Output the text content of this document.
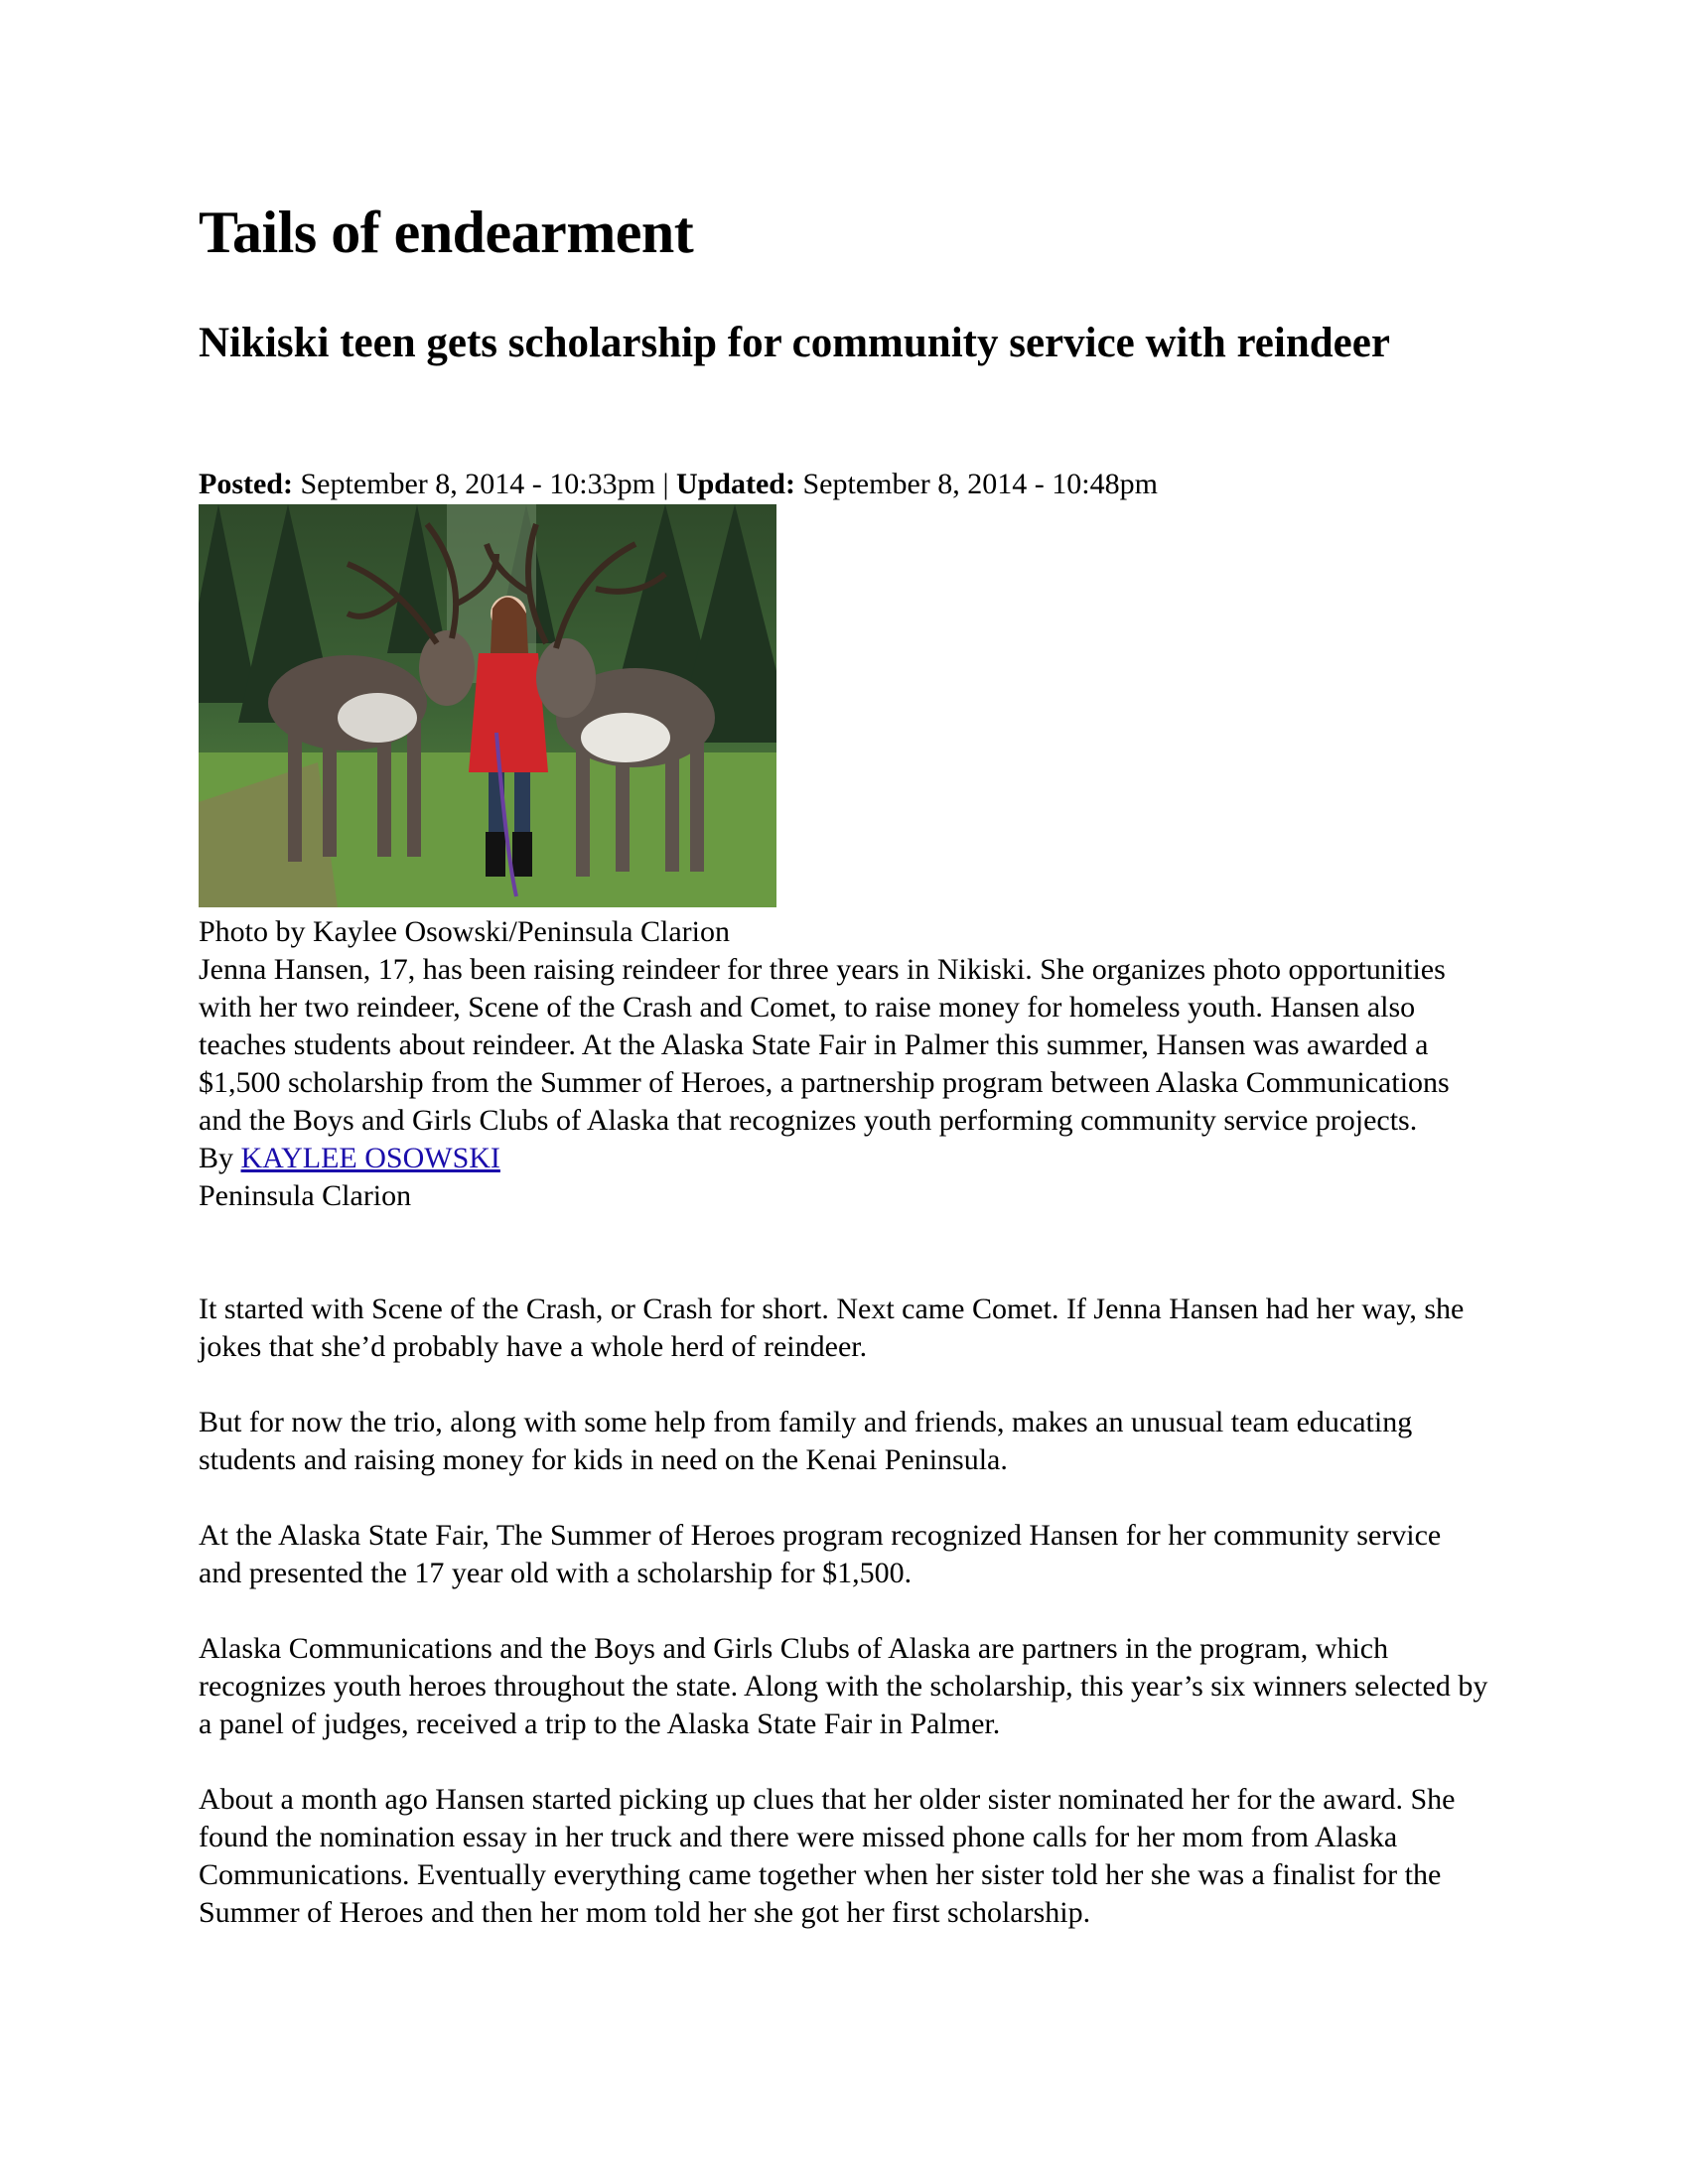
Tails of endearment
Nikiski teen gets scholarship for community service with reindeer
Posted: September 8, 2014 - 10:33pm | Updated: September 8, 2014 - 10:48pm

Photo by Kaylee Osowski/Peninsula Clarion

Jenna Hansen, 17, has been raising reindeer for three years in Nikiski. She organizes photo opportunities with her two reindeer, Scene of the Crash and Comet, to raise money for homeless youth. Hansen also teaches students about reindeer. At the Alaska State Fair in Palmer this summer, Hansen was awarded a $1,500 scholarship from the Summer of Heroes, a partnership program between Alaska Communications and the Boys and Girls Clubs of Alaska that recognizes youth performing community service projects.

By KAYLEE OSOWSKI

Peninsula Clarion

It started with Scene of the Crash, or Crash for short. Next came Comet. If Jenna Hansen had her way, she jokes that she’d probably have a whole herd of reindeer.

But for now the trio, along with some help from family and friends, makes an unusual team educating students and raising money for kids in need on the Kenai Peninsula.

At the Alaska State Fair, The Summer of Heroes program recognized Hansen for her community service and presented the 17 year old with a scholarship for $1,500.

Alaska Communications and the Boys and Girls Clubs of Alaska are partners in the program, which recognizes youth heroes throughout the state. Along with the scholarship, this year’s six winners selected by a panel of judges, received a trip to the Alaska State Fair in Palmer.

About a month ago Hansen started picking up clues that her older sister nominated her for the award. She found the nomination essay in her truck and there were missed phone calls for her mom from Alaska Communications. Eventually everything came together when her sister told her she was a finalist for the Summer of Heroes and then her mom told her she got her first scholarship.
